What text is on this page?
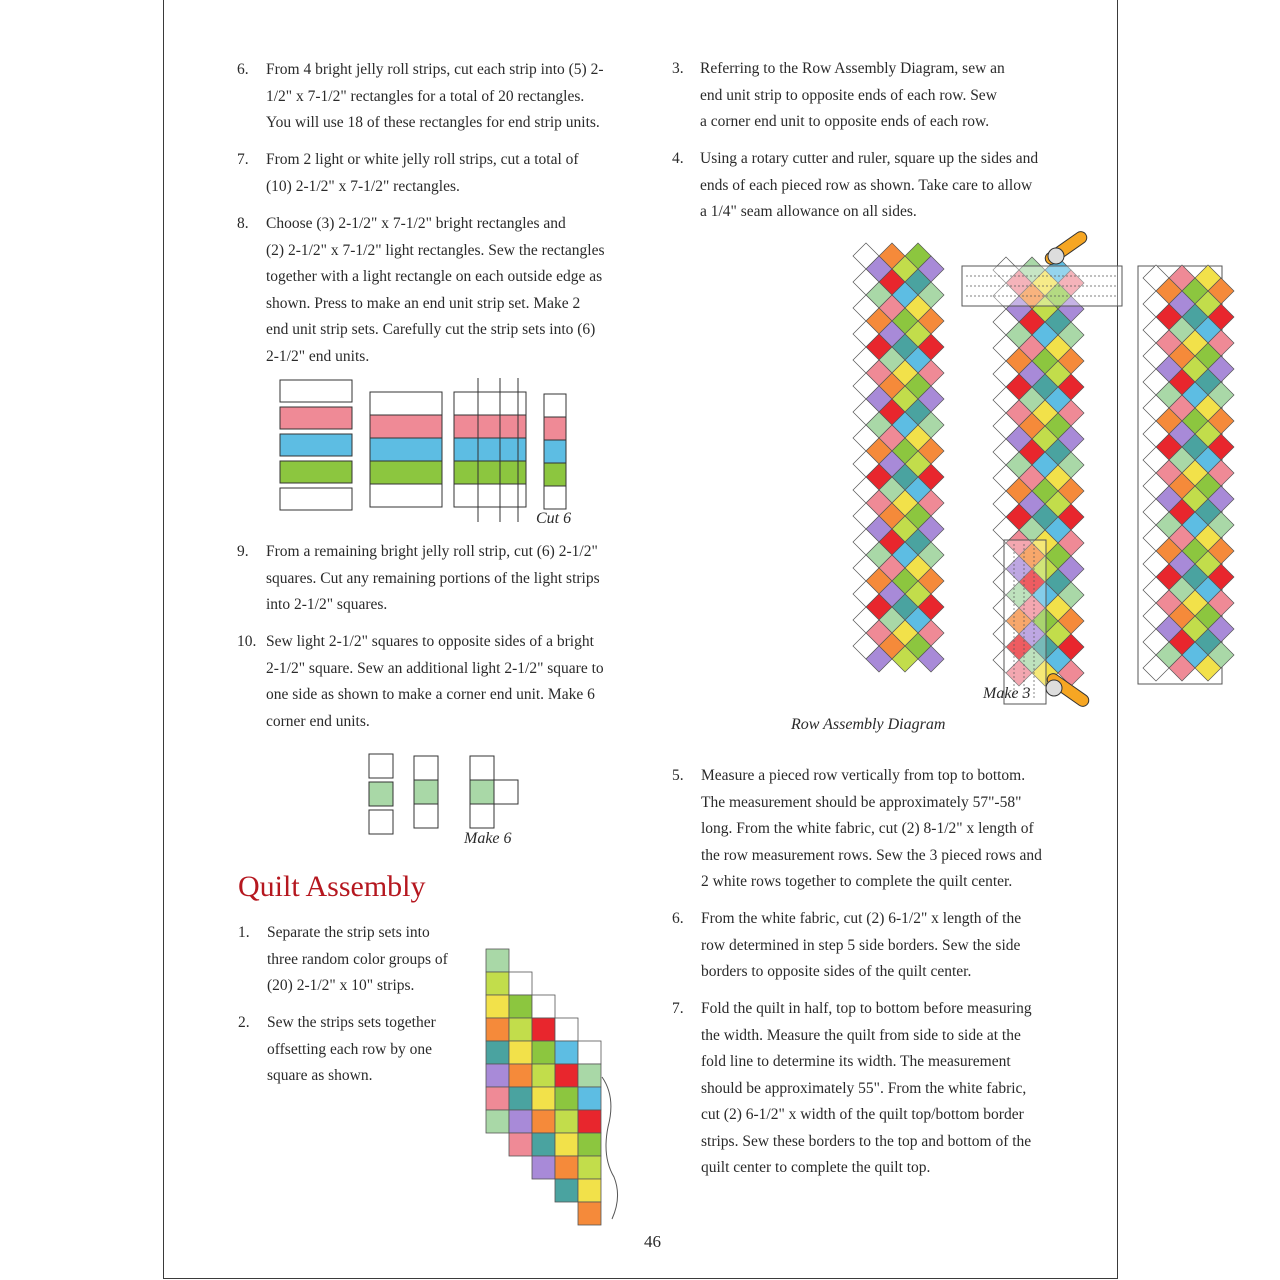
6. From 4 bright jelly roll strips, cut each strip into (5) 2-
1/2" x 7-1/2" rectangles for a total of 20 rectangles.
You will use 18 of these rectangles for end strip units.
7. From 2 light or white jelly roll strips, cut a total of
(10) 2-1/2" x 7-1/2" rectangles.
8. Choose (3) 2-1/2" x 7-1/2" bright rectangles and
(2) 2-1/2" x 7-1/2" light rectangles. Sew the rectangles
together with a light rectangle on each outside edge as
shown. Press to make an end unit strip set. Make 2
end unit strip sets. Carefully cut the strip sets into (6)
2-1/2" end units.
9. From a remaining bright jelly roll strip, cut (6) 2-1/2"
squares. Cut any remaining portions of the light strips
into 2-1/2" squares.
10. Sew light 2-1/2" squares to opposite sides of a bright
2-1/2" square. Sew an additional light 2-1/2" square to
one side as shown to make a corner end unit. Make 6
corner end units.
Cut 6
Make 6
Quilt Assembly
1. Separate the strip sets into
three random color groups of
(20) 2-1/2" x 10" strips.
2. Sew the strips sets together
offsetting each row by one
square as shown.
3. Referring to the Row Assembly Diagram, sew an
end unit strip to opposite ends of each row. Sew
a corner end unit to opposite ends of each row.
4. Using a rotary cutter and ruler, square up the sides and
ends of each pieced row as shown. Take care to allow
a 1/4" seam allowance on all sides.
Make 3
Row Assembly Diagram
5. Measure a pieced row vertically from top to bottom.
The measurement should be approximately 57"-58"
long. From the white fabric, cut (2) 8-1/2" x length of
the row measurement rows. Sew the 3 pieced rows and
2 white rows together to complete the quilt center.
6. From the white fabric, cut (2) 6-1/2" x length of the
row determined in step 5 side borders. Sew the side
borders to opposite sides of the quilt center.
7. Fold the quilt in half, top to bottom before measuring
the width. Measure the quilt from side to side at the
fold line to determine its width. The measurement
should be approximately 55". From the white fabric,
cut (2) 6-1/2" x width of the quilt top/bottom border
strips. Sew these borders to the top and bottom of the
quilt center to complete the quilt top.
46
